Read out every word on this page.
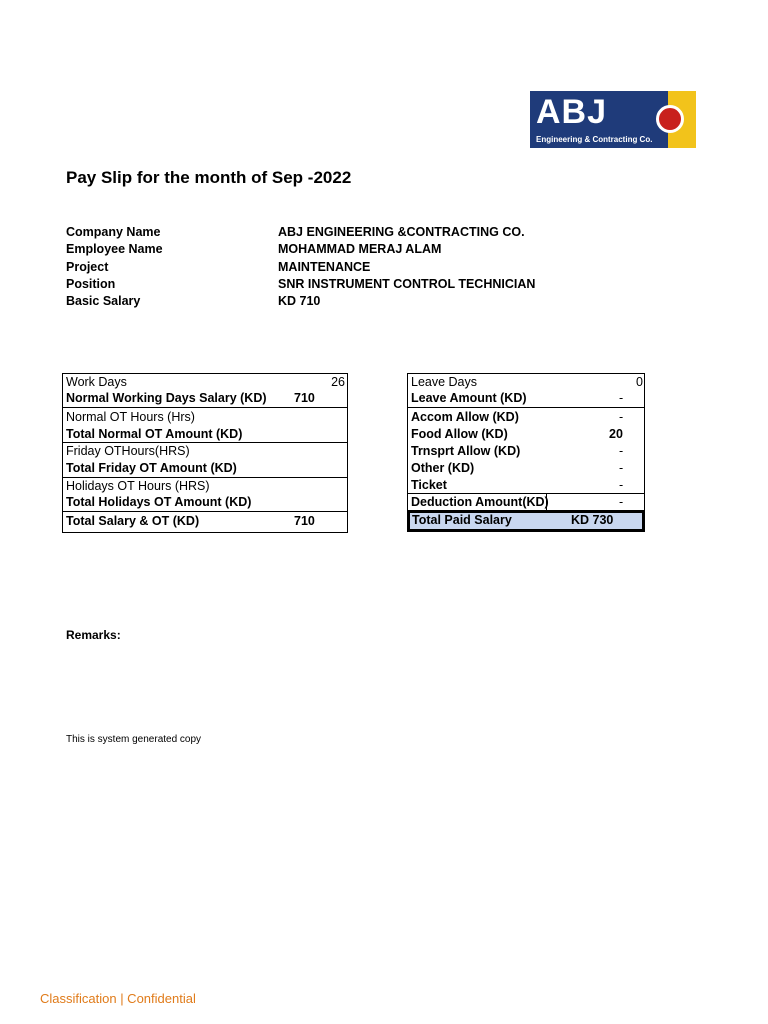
ABJ
Engineering & Contracting Co.
Pay Slip for the month of Sep -2022
Company Name	ABJ ENGINEERING &CONTRACTING CO.
Employee Name	MOHAMMAD MERAJ ALAM
Project	MAINTENANCE
Position	SNR INSTRUMENT CONTROL TECHNICIAN
Basic Salary	KD 710
Work Days	26
Normal Working Days Salary (KD) 710
Normal OT Hours (Hrs)
Total Normal OT Amount (KD)
Friday OTHours(HRS)
Total Friday OT Amount (KD)
Holidays OT Hours (HRS)
Total Holidays OT Amount (KD)
Total Salary & OT (KD)	710
Leave Days	0
Leave Amount (KD)	-
Accom Allow (KD)	-
Food Allow (KD)	20
Trnsprt Allow (KD)	-
Other (KD)	-
Ticket	-
Deduction Amount(KD)	-
Total Paid Salary	KD 730
Remarks:
This is system generated copy
Classification | Confidential
